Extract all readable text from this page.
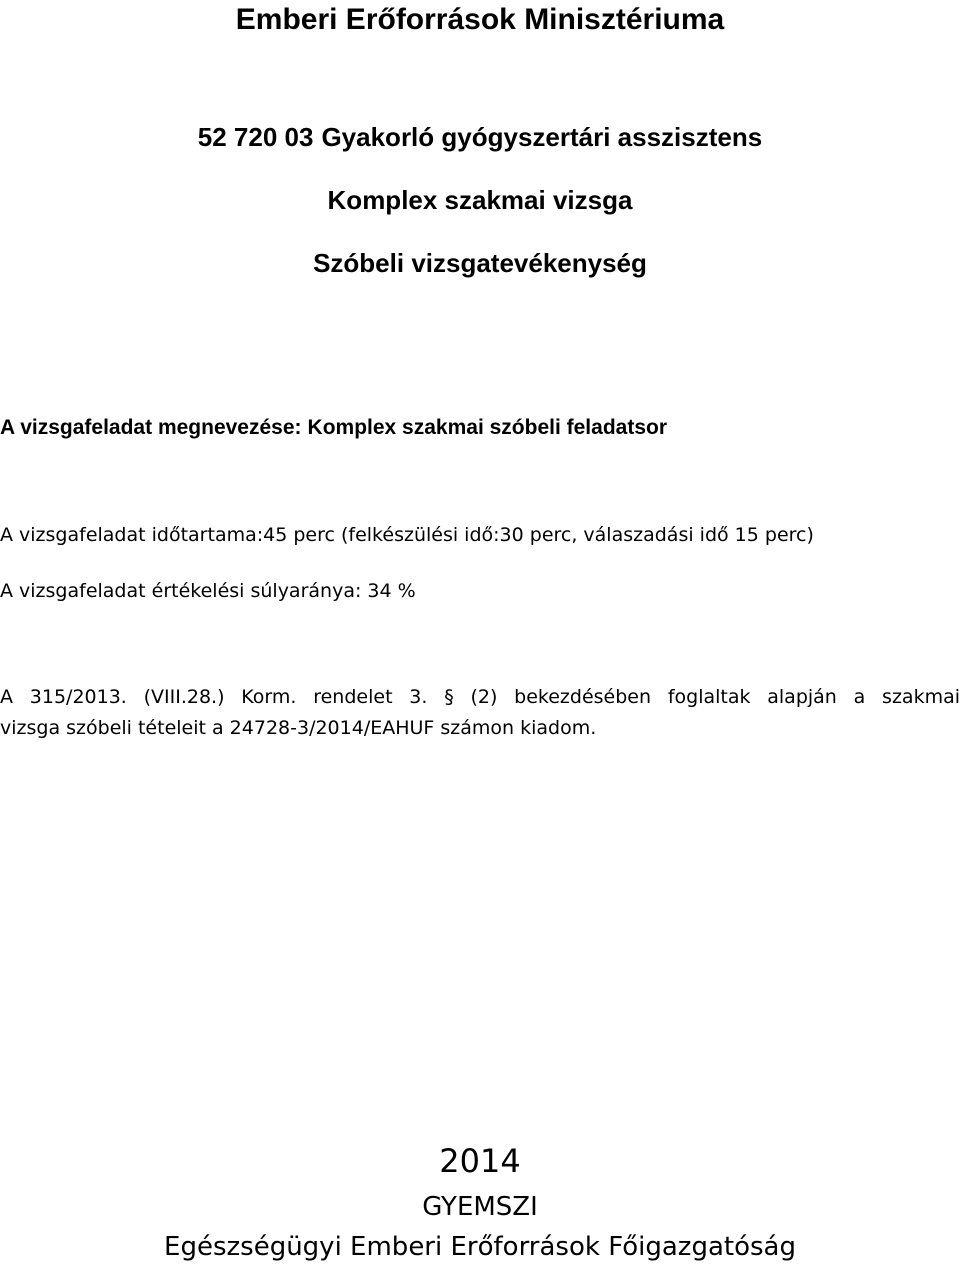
Emberi Erőforrások Minisztériuma
52 720 03 Gyakorló gyógyszertári asszisztens
Komplex szakmai vizsga
Szóbeli vizsgatevékenység
A vizsgafeladat megnevezése: Komplex szakmai szóbeli feladatsor
A vizsgafeladat időtartama:45 perc (felkészülési idő:30 perc, válaszadási idő 15 perc)
A vizsgafeladat értékelési súlyaránya: 34 %
A 315/2013. (VIII.28.) Korm. rendelet 3. § (2) bekezdésében foglaltak alapján a szakmai
vizsga szóbeli tételeit a 24728-3/2014/EAHUF számon kiadom.
2014
GYEMSZI
Egészségügyi Emberi Erőforrások Főigazgatóság
